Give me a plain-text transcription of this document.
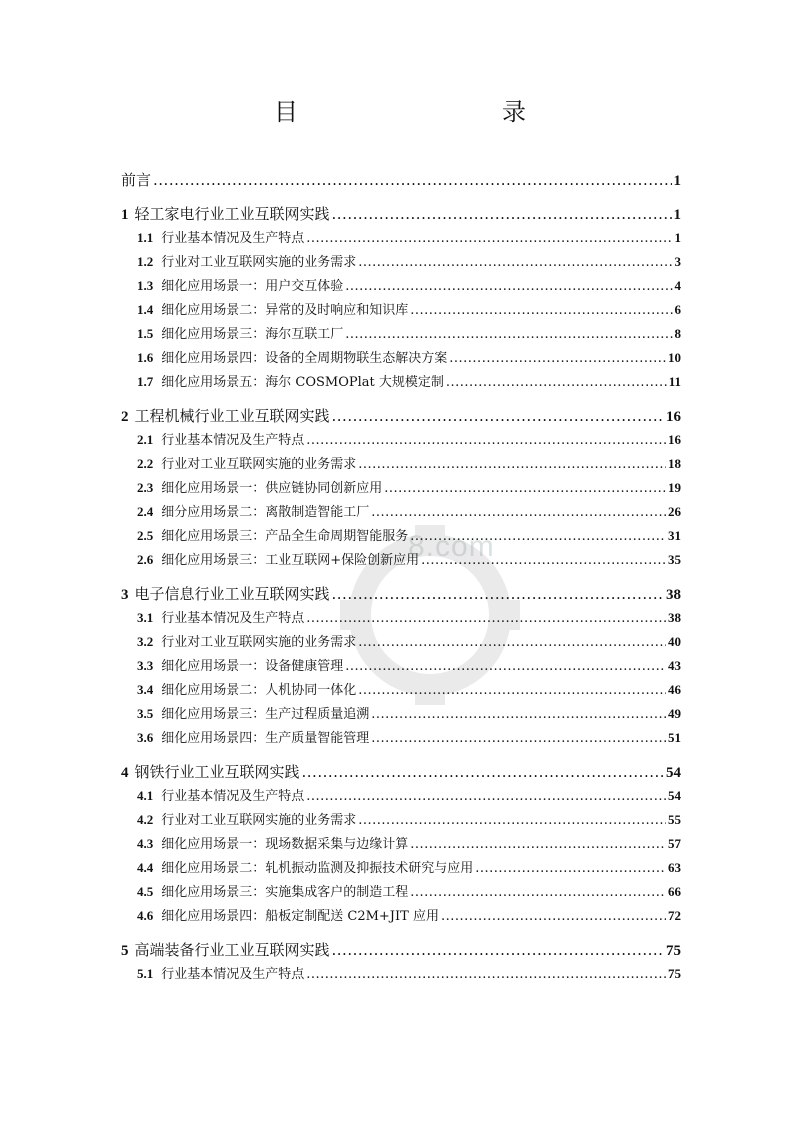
目　　录
8.com
前言 .....	1
1 轻工家电行业工业互联网实践 .....	1
1.1 行业基本情况及生产特点 .....	1
1.2 行业对工业互联网实施的业务需求 .....	3
1.3 细化应用场景一：用户交互体验 .....	4
1.4 细化应用场景二：异常的及时响应和知识库 .....	6
1.5 细化应用场景三：海尔互联工厂 .....	8
1.6 细化应用场景四：设备的全周期物联生态解决方案 .....	10
1.7 细化应用场景五：海尔 COSMOPlat 大规模定制 .....	11
2 工程机械行业工业互联网实践 .....	16
2.1 行业基本情况及生产特点 .....	16
2.2 行业对工业互联网实施的业务需求 .....	18
2.3 细化应用场景一：供应链协同创新应用 .....	19
2.4 细分应用场景二：离散制造智能工厂 .....	26
2.5 细化应用场景三：产品全生命周期智能服务 .....	31
2.6 细化应用场景三：工业互联网+保险创新应用 .....	35
3 电子信息行业工业互联网实践 .....	38
3.1 行业基本情况及生产特点 .....	38
3.2 行业对工业互联网实施的业务需求 .....	40
3.3 细化应用场景一：设备健康管理 .....	43
3.4 细化应用场景二：人机协同一体化 .....	46
3.5 细化应用场景三：生产过程质量追溯 .....	49
3.6 细化应用场景四：生产质量智能管理 .....	51
4 钢铁行业工业互联网实践 .....	54
4.1 行业基本情况及生产特点 .....	54
4.2 行业对工业互联网实施的业务需求 .....	55
4.3 细化应用场景一：现场数据采集与边缘计算 .....	57
4.4 细化应用场景二：轧机振动监测及抑振技术研究与应用 .....	63
4.5 细化应用场景三：实施集成客户的制造工程 .....	66
4.6 细化应用场景四：船板定制配送 C2M+JIT 应用 .....	72
5 高端装备行业工业互联网实践 .....	75
5.1 行业基本情况及生产特点 .....	75
